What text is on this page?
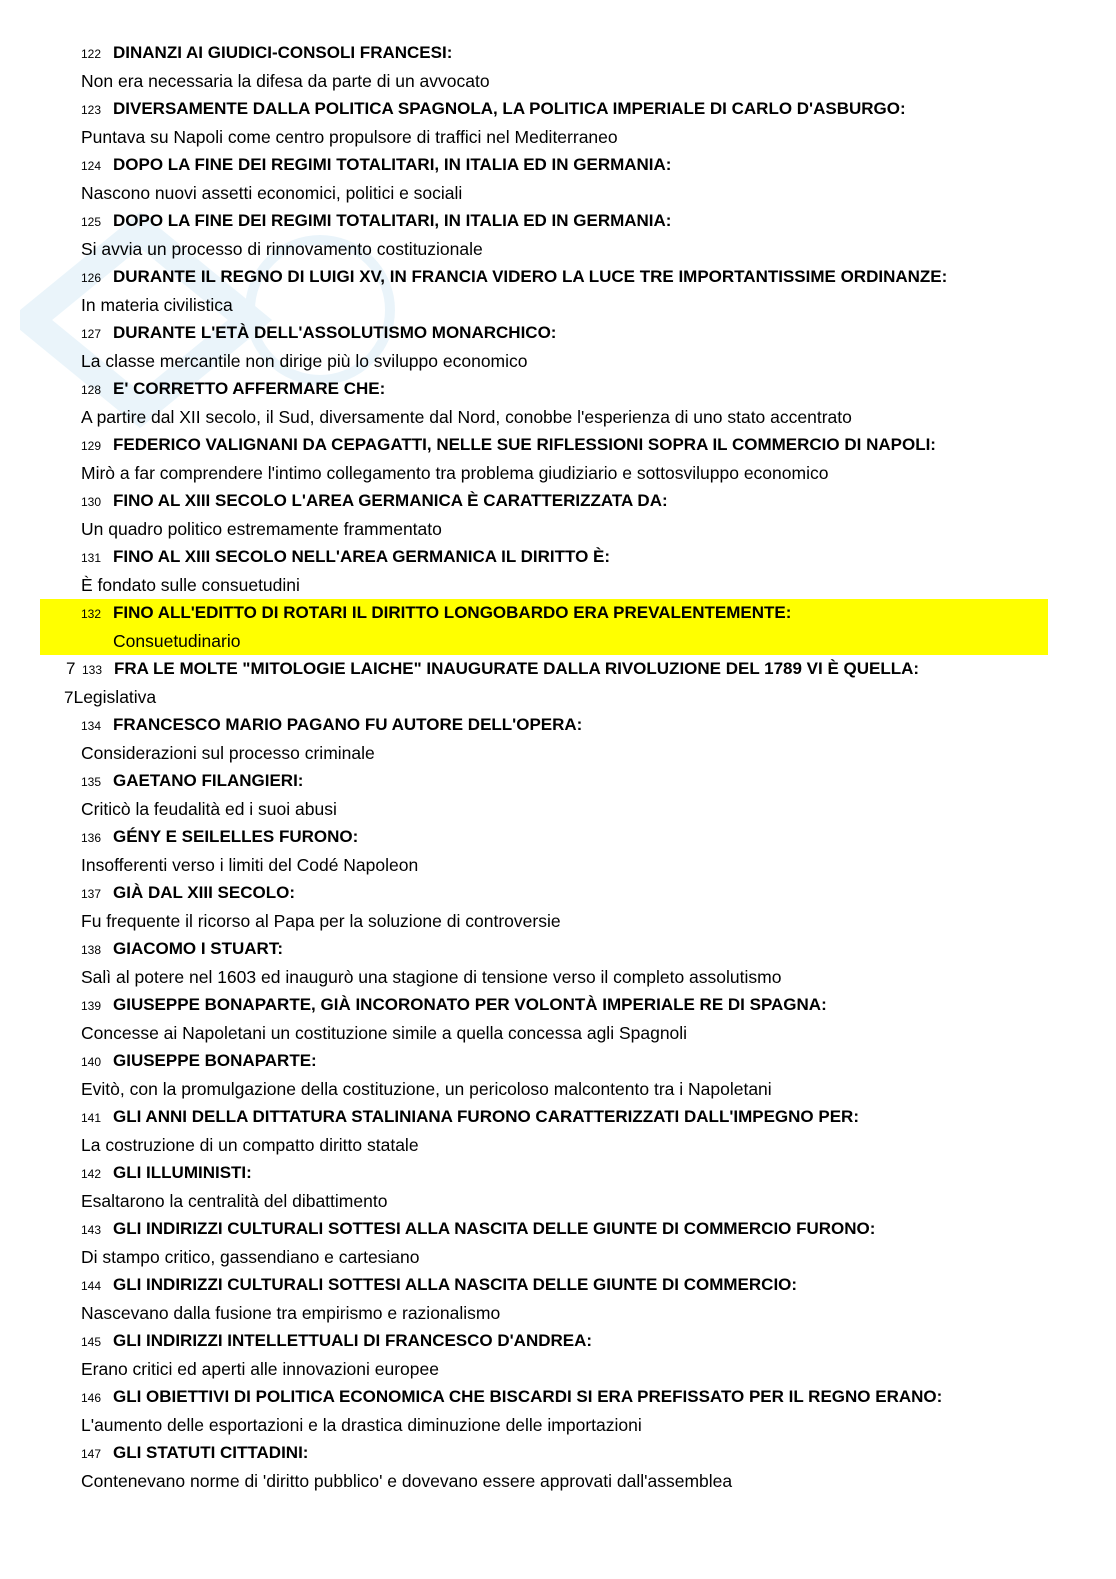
122 DINANZI AI GIUDICI-CONSOLI FRANCESI:
Non era necessaria la difesa da parte di un avvocato
123 DIVERSAMENTE DALLA POLITICA SPAGNOLA, LA POLITICA IMPERIALE DI CARLO D'ASBURGO:
Puntava su Napoli come centro propulsore di traffici nel Mediterraneo
124 DOPO LA FINE DEI REGIMI TOTALITARI, IN ITALIA ED IN GERMANIA:
Nascono nuovi assetti economici, politici e sociali
125 DOPO LA FINE DEI REGIMI TOTALITARI, IN ITALIA ED IN GERMANIA:
Si avvia un processo di rinnovamento costituzionale
126 DURANTE IL REGNO DI LUIGI XV, IN FRANCIA VIDERO LA LUCE TRE IMPORTANTISSIME ORDINANZE:
In materia civilistica
127 DURANTE L'ETÀ DELL'ASSOLUTISMO MONARCHICO:
La classe mercantile non dirige più lo sviluppo economico
128 E' CORRETTO AFFERMARE CHE:
A partire dal XII secolo, il Sud, diversamente dal Nord, conobbe l'esperienza di uno stato accentrato
129 FEDERICO VALIGNANI DA CEPAGATTI, NELLE SUE RIFLESSIONI SOPRA IL COMMERCIO DI NAPOLI:
Mirò a far comprendere l'intimo collegamento tra problema giudiziario e sottosviluppo economico
130 FINO AL XIII SECOLO L'AREA GERMANICA È CARATTERIZZATA DA:
Un quadro politico estremamente frammentato
131 FINO AL XIII SECOLO NELL'AREA GERMANICA IL DIRITTO È:
È fondato sulle consuetudini
132 FINO ALL'EDITTO DI ROTARI IL DIRITTO LONGOBARDO ERA PREVALENTEMENTE:
Consuetudinario
7 133 FRA LE MOLTE "MITOLOGIE LAICHE" INAUGURATE DALLA RIVOLUZIONE DEL 1789 VI È QUELLA:
7Legislativa
134 FRANCESCO MARIO PAGANO FU AUTORE DELL'OPERA:
Considerazioni sul processo criminale
135 GAETANO FILANGIERI:
Criticò la feudalità ed i suoi abusi
136 GÉNY E SEILELLES FURONO:
Insofferenti verso i limiti del Codé Napoleon
137 GIÀ DAL XIII SECOLO:
Fu frequente il ricorso al Papa per la soluzione di controversie
138 GIACOMO I STUART:
Salì al potere nel 1603 ed inaugurò una stagione di tensione verso il completo assolutismo
139 GIUSEPPE BONAPARTE, GIÀ INCORONATO PER VOLONTÀ IMPERIALE RE DI SPAGNA:
Concesse ai Napoletani un costituzione simile a quella concessa agli Spagnoli
140 GIUSEPPE BONAPARTE:
Evitò, con la promulgazione della costituzione, un pericoloso malcontento tra i Napoletani
141 GLI ANNI DELLA DITTATURA STALINIANA FURONO CARATTERIZZATI DALL'IMPEGNO PER:
La costruzione di un compatto diritto statale
142 GLI ILLUMINISTI:
Esaltarono la centralità del dibattimento
143 GLI INDIRIZZI CULTURALI SOTTESI ALLA NASCITA DELLE GIUNTE DI COMMERCIO FURONO:
Di stampo critico, gassendiano e cartesiano
144 GLI INDIRIZZI CULTURALI SOTTESI ALLA NASCITA DELLE GIUNTE DI COMMERCIO:
Nascevano dalla fusione tra empirismo e razionalismo
145 GLI INDIRIZZI INTELLETTUALI DI FRANCESCO D'ANDREA:
Erano critici ed aperti alle innovazioni europee
146 GLI OBIETTIVI DI POLITICA ECONOMICA CHE BISCARDI SI ERA PREFISSATO PER IL REGNO ERANO:
L'aumento delle esportazioni e la drastica diminuzione delle importazioni
147 GLI STATUTI CITTADINI:
Contenevano norme di 'diritto pubblico' e dovevano essere approvati dall'assemblea
